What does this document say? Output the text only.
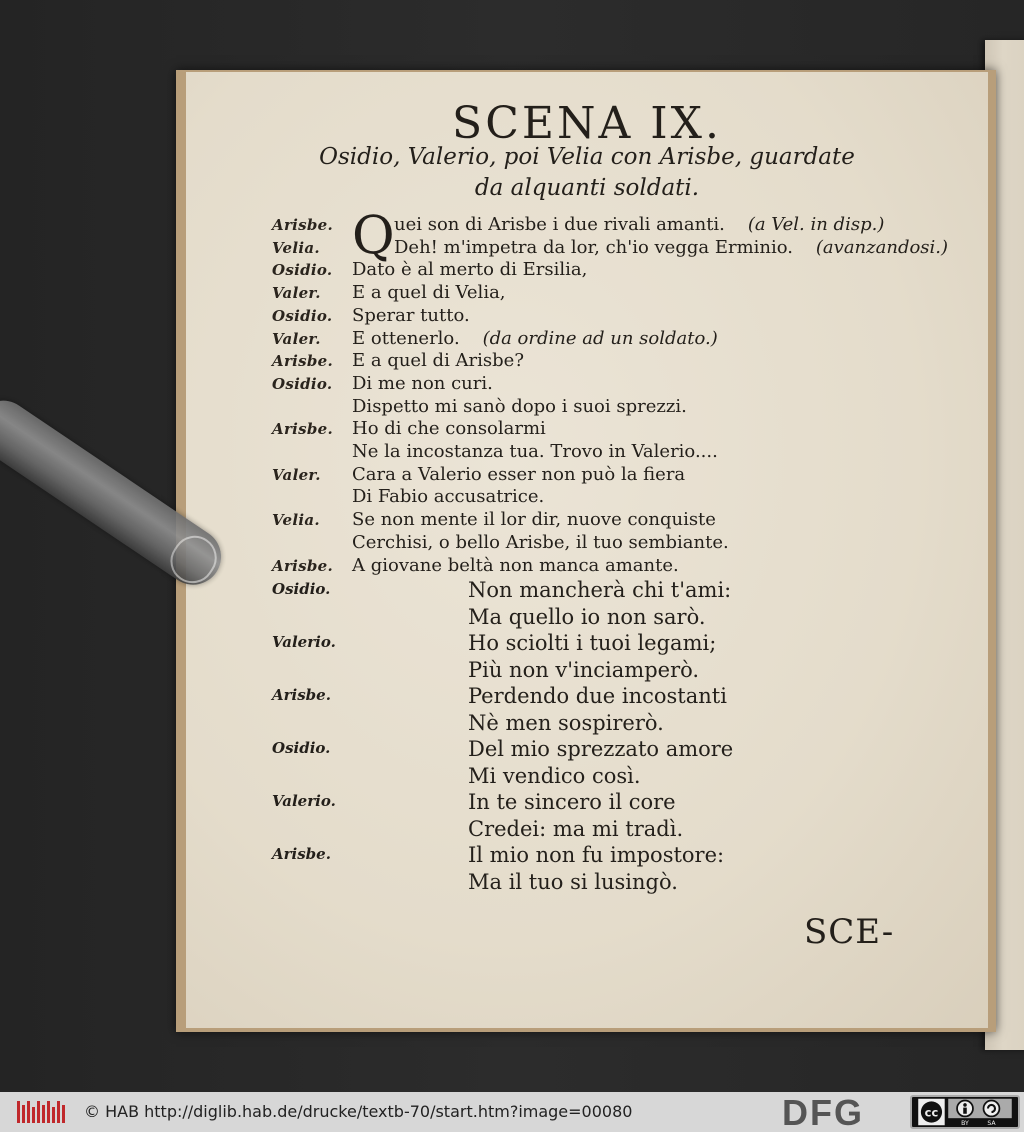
SCENA IX.
Osidio, Valerio, poi Velia con Arisbe, guardate
da alquanti soldati.
Arisbe. Q uei son di Arisbe i due rivali amanti. (a Vel. in disp.)
Velia.	Deh! m'impetra da lor, ch'io vegga Erminio. (avanzandosi.)
Osidio. Dato è al merto di Ersilia,
Valer. E a quel di Velia,
Osidio. Sperar tutto.
Valer. E ottenerlo. (da ordine ad un soldato.)
Arisbe. E a quel di Arisbe?
Osidio. Di me non curi.
Dispetto mi sanò dopo i suoi sprezzi.
Arisbe. Ho di che consolarmi
Ne la incostanza tua. Trovo in Valerio....
Valer. Cara a Valerio esser non può la fiera
Di Fabio accusatrice.
Velia. Se non mente il lor dir, nuove conquiste
Cerchisi, o bello Arisbe, il tuo sembiante.
Arisbe. A giovane beltà non manca amante.
Osidio.	Non mancherà chi t'ami:
Ma quello io non sarò.
Valerio.	Ho sciolti i tuoi legami;
Più non v'inciamperò.
Arisbe.	Perdendo due incostanti
Nè men sospirerò.
Osidio.	Del mio sprezzato amore
Mi vendico così.
Valerio.	In te sincero il core
Credei: ma mi tradì.
Arisbe.	Il mio non fu impostore:
Ma il tuo si lusingò.
SCE-
© HAB http://diglib.hab.de/drucke/textb-70/start.htm?image=00080	DFG	cc
BY	SA
